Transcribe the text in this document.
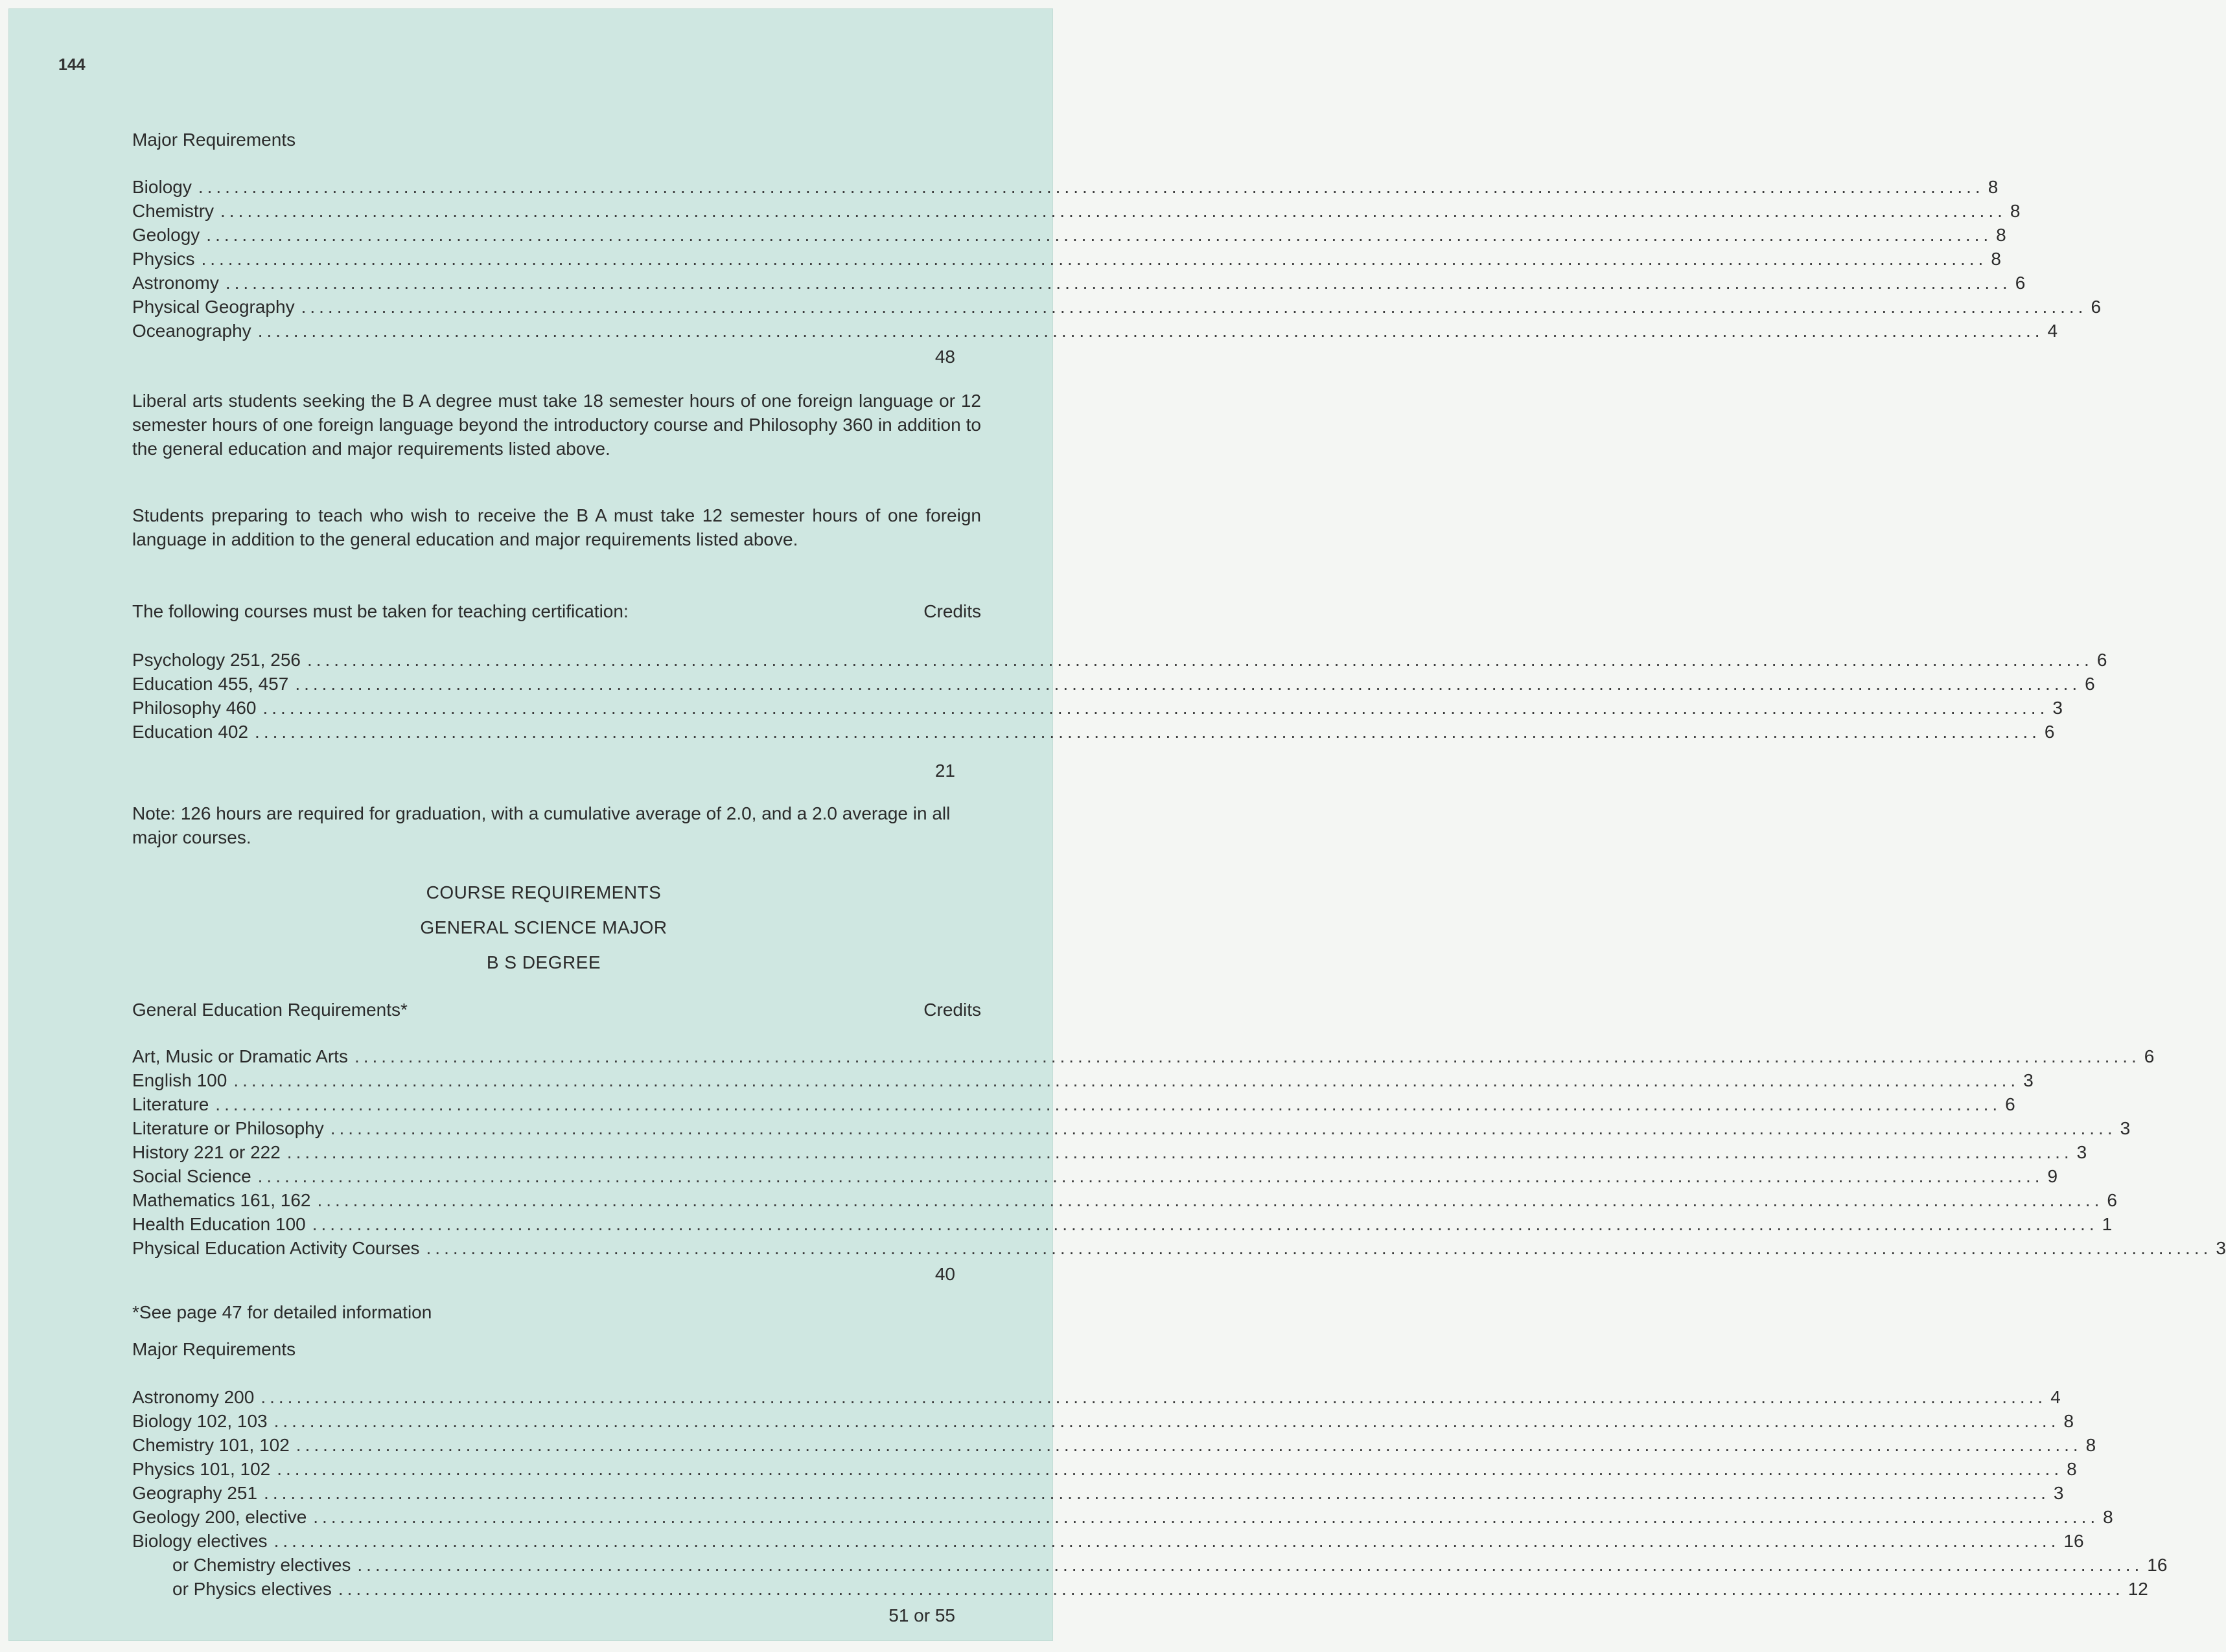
144
Major Requirements
Biology ........................................................................................................................................................................................................ 8
Chemistry ........................................................................................................................................................................................................ 8
Geology ........................................................................................................................................................................................................ 8
Physics ........................................................................................................................................................................................................ 8
Astronomy ........................................................................................................................................................................................................ 6
Physical Geography ........................................................................................................................................................................................................ 6
Oceanography ........................................................................................................................................................................................................ 4
48
Liberal arts students seeking the B A degree must take 18 semester hours of one foreign language or 12 semester hours of one foreign language beyond the introductory course and Philosophy 360 in addition to the general education and major requirements listed above.
Students preparing to teach who wish to receive the B A must take 12 semester hours of one foreign language in addition to the general education and major requirements listed above.
The following courses must be taken for teaching certification:	Credits
Psychology 251, 256 ........................................................................................................................................................................................................ 6
Education 455, 457 ........................................................................................................................................................................................................ 6
Philosophy 460 ........................................................................................................................................................................................................ 3
Education 402 ........................................................................................................................................................................................................ 6
21
Note: 126 hours are required for graduation, with a cumulative average of 2.0, and a 2.0 average in all major courses.
COURSE REQUIREMENTS
GENERAL SCIENCE MAJOR
B S DEGREE
General Education Requirements*	Credits
Art, Music or Dramatic Arts ........................................................................................................................................................................................................ 6
English 100 ........................................................................................................................................................................................................ 3
Literature ........................................................................................................................................................................................................ 6
Literature or Philosophy ........................................................................................................................................................................................................ 3
History 221 or 222 ........................................................................................................................................................................................................ 3
Social Science ........................................................................................................................................................................................................ 9
Mathematics 161, 162 ........................................................................................................................................................................................................ 6
Health Education 100 ........................................................................................................................................................................................................ 1
Physical Education Activity Courses ........................................................................................................................................................................................................ 3
40
*See page 47 for detailed information
Major Requirements
Astronomy 200 ........................................................................................................................................................................................................ 4
Biology 102, 103 ........................................................................................................................................................................................................ 8
Chemistry 101, 102 ........................................................................................................................................................................................................ 8
Physics 101, 102 ........................................................................................................................................................................................................ 8
Geography 251 ........................................................................................................................................................................................................ 3
Geology 200, elective ........................................................................................................................................................................................................ 8
Biology electives ........................................................................................................................................................................................................ 16
or Chemistry electives ........................................................................................................................................................................................................ 16
or Physics electives ........................................................................................................................................................................................................ 12
51 or 55
